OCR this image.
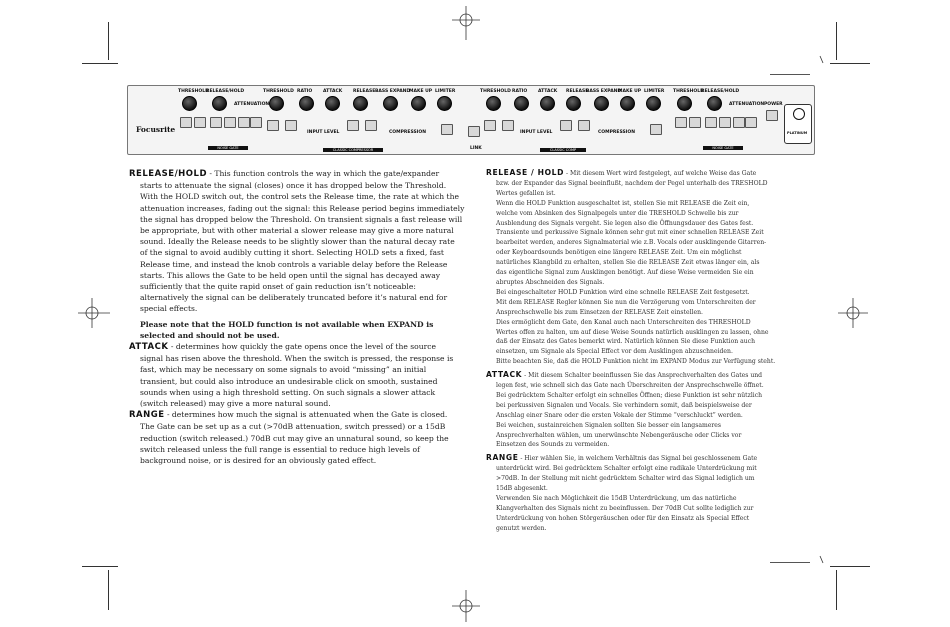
Focusrite
THRESHOLD
RELEASE/HOLD
ATTENUATION
NOISE GATE
THRESHOLD RATIO ATTACK RELEASE BASS EXPAND
MAKE UP LIMITER
INPUT LEVEL	COMPRESSION
CLASSIC COMPRESSOR	LINK
THRESHOLD RATIO ATTACK RELEASE
BASS EXPAND
MAKE UP LIMITER
INPUT LEVEL	COMPRESSION
CLASSIC COMP
THRESHOLD
RELEASE/HOLD
ATTENUATION
NOISE GATE
POWER
PLATINUM
RELEASE/HOLD - This function controls the way in which the gate/expander
starts to attenuate the signal (closes) once it has dropped below the Threshold.
With the HOLD switch out, the control sets the Release time, the rate at which the
attenuation increases, fading out the signal: this Release period begins immediately
the signal has dropped below the Threshold. On transient signals a fast release will
be appropriate, but with other material a slower release may give a more natural
sound. Ideally the Release needs to be slightly slower than the natural decay rate
of the signal to avoid audibly cutting it short. Selecting HOLD sets a fixed, fast
Release time, and instead the knob controls a variable delay before the Release
starts. This allows the Gate to be held open until the signal has decayed away
sufficiently that the quite rapid onset of gain reduction isn’t noticeable:
alternatively the signal can be deliberately truncated before it’s natural end for
special effects.
Please note that the HOLD function is not available when EXPAND is
selected and should not be used.
ATTACK - determines how quickly the gate opens once the level of the source
signal has risen above the threshold. When the switch is pressed, the response is
fast, which may be necessary on some signals to avoid “missing” an initial
transient, but could also introduce an undesirable click on smooth, sustained
sounds when using a high threshold setting. On such signals a slower attack
(switch released) may give a more natural sound.
RANGE - determines how much the signal is attenuated when the Gate is closed.
The Gate can be set up as a cut (>70dB attenuation, switch pressed) or a 15dB
reduction (switch released.) 70dB cut may give an unnatural sound, so keep the
switch released unless the full range is essential to reduce high levels of
background noise, or is desired for an obviously gated effect.
RELEASE / HOLD - Mit diesem Wert wird festgelegt, auf welche Weise das Gate
bzw. der Expander das Signal beeinflußt, nachdem der Pegel unterhalb des TRESHOLD
Wertes gefallen ist.
Wenn die HOLD Funktion ausgeschaltet ist, stellen Sie mit RELEASE die Zeit ein,
welche vom Absinken des Signalpegels unter die TRESHOLD Schwelle bis zur
Ausblendung des Signals vergeht. Sie legen also die Öffnungsdauer des Gates fest.
Transiente und perkussive Signale können sehr gut mit einer schnellen RELEASE Zeit
bearbeitet werden, anderes Signalmaterial wie z.B. Vocals oder ausklingende Gitarren-
oder Keyboardsounds benötigen eine längere RELEASE Zeit. Um ein möglichst
natürliches Klangbild zu erhalten, stellen Sie die RELEASE Zeit etwas länger ein, als
das eigentliche Signal zum Ausklingen benötigt. Auf diese Weise vermeiden Sie ein
abruptes Abschneiden des Signals.
Bei eingeschalteter HOLD Funktion wird eine schnelle RELEASE Zeit festgesetzt.
Mit dem RELEASE Regler können Sie nun die Verzögerung vom Unterschreiten der
Ansprechschwelle bis zum Einsetzen der RELEASE Zeit einstellen.
Dies ermöglicht dem Gate, den Kanal auch nach Unterschreiten des THRESHOLD
Wertes offen zu halten, um auf diese Weise Sounds natürlich ausklingen zu lassen, ohne
daß der Einsatz des Gates bemerkt wird. Natürlich können Sie diese Funktion auch
einsetzen, um Signale als Special Effect vor dem Ausklingen abzuschneiden.
Bitte beachten Sie, daß die HOLD Funktion nicht im EXPAND Modus zur Verfügung steht.
ATTACK - Mit diesem Schalter beeinflussen Sie das Ansprechverhalten des Gates und
legen fest, wie schnell sich das Gate nach Überschreiten der Ansprechschwelle öffnet.
Bei gedrücktem Schalter erfolgt ein schnelles Öffnen; diese Funktion ist sehr nützlich
bei perkussiven Signalen und Vocals. Sie verhindern somit, daß beispielsweise der
Anschlag einer Snare oder die ersten Vokale der Stimme “verschluckt” werden.
Bei weichen, sustainreichen Signalen sollten Sie besser ein langsameres
Ansprechverhalten wählen, um unerwünschte Nebengeräusche oder Clicks vor
Einsetzen des Sounds zu vermeiden.
RANGE - Hier wählen Sie, in welchem Verhältnis das Signal bei geschlossenem Gate
unterdrückt wird. Bei gedrücktem Schalter erfolgt eine radikale Unterdrückung mit
>70dB. In der Stellung mit nicht gedrücktem Schalter wird das Signal lediglich um
15dB abgesenkt.
Verwenden Sie nach Möglichkeit die 15dB Unterdrückung, um das natürliche
Klangverhalten des Signals nicht zu beeinflussen. Der 70dB Cut sollte lediglich zur
Unterdrückung von hohen Störgeräuschen oder für den Einsatz als Special Effect
genutzt werden.
